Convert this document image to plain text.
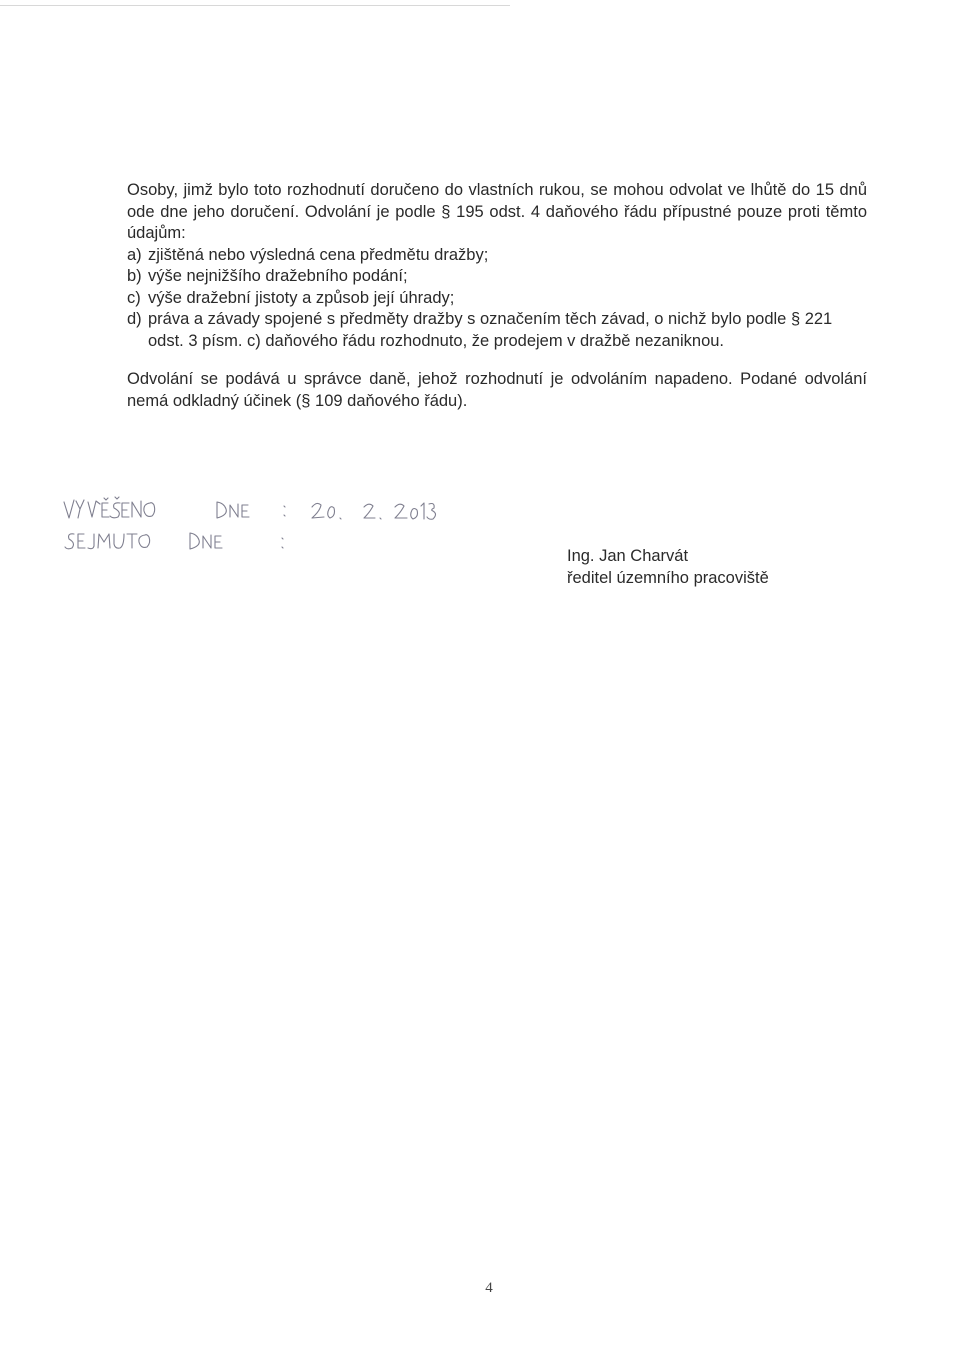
Osoby, jimž bylo toto rozhodnutí doručeno do vlastních rukou, se mohou odvolat ve lhůtě do 15 dnů ode dne jeho doručení. Odvolání je podle § 195 odst. 4 daňového řádu přípustné pouze proti těmto údajům:

a) zjištěná nebo výsledná cena předmětu dražby;
b) výše nejnižšího dražebního podání;
c) výše dražební jistoty a způsob její úhrady;
d) práva a závady spojené s předměty dražby s označením těch závad, o nichž bylo podle § 221 odst. 3 písm. c) daňového řádu rozhodnuto, že prodejem v dražbě nezaniknou.

Odvolání se podává u správce daně, jehož rozhodnutí je odvoláním napadeno. Podané odvolání nemá odkladný účinek (§ 109 daňového řádu).

Ing. Jan Charvát
ředitel územního pracoviště
4
